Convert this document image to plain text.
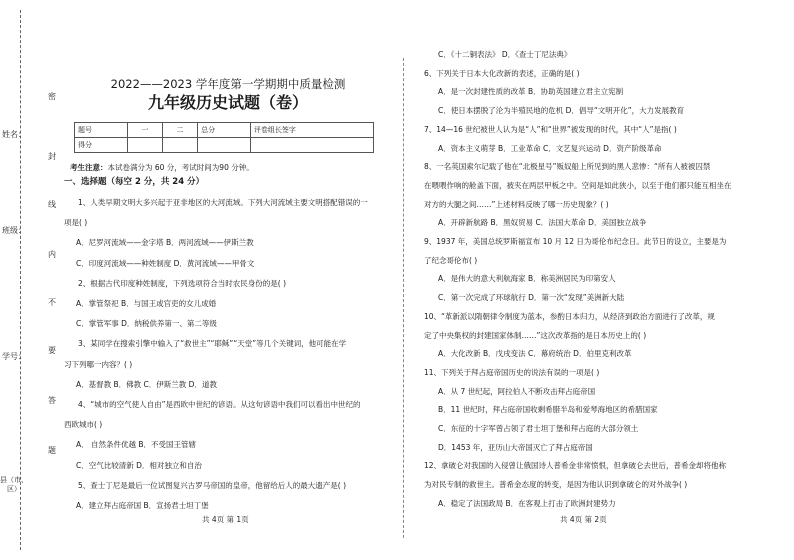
姓名：
班级：
学号：
县（市、区）
密
封
线
内
不
要
答
题
2022——2023 学年度第一学期期中质量检测
九年级历史试题（卷）
题号	一	二	总分	评卷组长签字
得分				
考生注意：本试卷满分为 60 分，考试时间为90 分钟。
一、选择题（每空 2 分，共 24 分）
1、人类早期文明大多兴起于亚非地区的大河流域。下列大河流域主要文明搭配错误的一
项是( )
A．尼罗河流域——金字塔 B．两河流域——伊斯兰教
C．印度河流域——种姓制度 D．黄河流域——甲骨文
2、根据古代印度种姓制度，下列选项符合当时农民身份的是( )
A．掌管祭祀 B．与国王或官吏的女儿成婚
C．掌管军事 D．纳税供养第一、第二等级
3、某同学在搜索引擎中输入了“救世主”“耶稣”“天堂”等几个关键词，他可能在学
习下列哪一内容？( )
A．基督教 B．佛教 C．伊斯兰教 D．道教
4、“城市的空气使人自由”是西欧中世纪的谚语。从这句谚语中我们可以看出中世纪的
西欧城市( )
A． 自然条件优越 B．不受国王管辖
C．空气比较清新 D．相对独立和自治
5、查士丁尼是最后一位试图复兴古罗马帝国的皇帝，他留给后人的最大遗产是( )
A．建立拜占庭帝国 B．宣扬君士坦丁堡
共 4页 第 1页
C．《十二铜表法》 D．《查士丁尼法典》
6、下列关于日本大化改新的表述，正确的是( )
A．是一次封建性质的改革 B．协助英国建立君主立宪制
C．使日本摆脱了沦为半殖民地的危机 D．倡导“文明开化”，大力发展教育
7、14—16 世纪被世人认为是“人”和“世界”被发现的时代，其中“人”是指( )
A．资本主义萌芽 B．工业革命 C．文艺复兴运动 D．资产阶级革命
8、一名英国索尔记载了他在“北极星号”贩奴船上所见到的黑人悲惨：“所有人被被囚禁
在喂喂作响的舱盖下面，被夹在两层甲板之中。空间是如此狭小，以至于他们都只能互相坐在
对方的大腿之间……”上述材料反映了哪一历史现象？( )
A．开辟新航路 B．黑奴贸易 C．法国大革命 D．美国独立战争
9、1937 年，美国总统罗斯福宣布 10 月 12 日为哥伦布纪念日。此节日的设立，主要是为
了纪念哥伦布( )
A．是伟大的意大利航海家 B．称美洲居民为印第安人
C．第一次完成了环球航行 D．第一次“发现”美洲新大陆
10、“革新派以隋朝律令制度为蓝本，参酌日本归力，从经济到政治方面进行了改革，规
定了中央集权的封建国家体制……”这次改革指的是日本历史上的( )
A．大化改新 B．戊戌变法 C．幕府统治 D．伯里克利改革
11、下列关于拜占庭帝国历史的说法有误的一项是( )
A．从 7 世纪起，阿拉伯人不断攻击拜占庭帝国
B．11 世纪时，拜占庭帝国收剩希腊半岛和爱琴海地区的希腊国家
C．东征的十字军曾占领了君士坦丁堡和拜占庭的大部分领土
D．1453 年，亚历山大帝国灭亡了拜占庭帝国
12、拿破仑对我国的入侵曾让俄国诗人普希金非常愤恨，但拿破仑去世后，普希金却将他称
为对民专制的救世主。普希金态度的转变，是因为他认识到拿破仑的对外战争( )
A．稳定了法国政局 B．在客观上打击了欧洲封建势力
共 4页 第 2页
